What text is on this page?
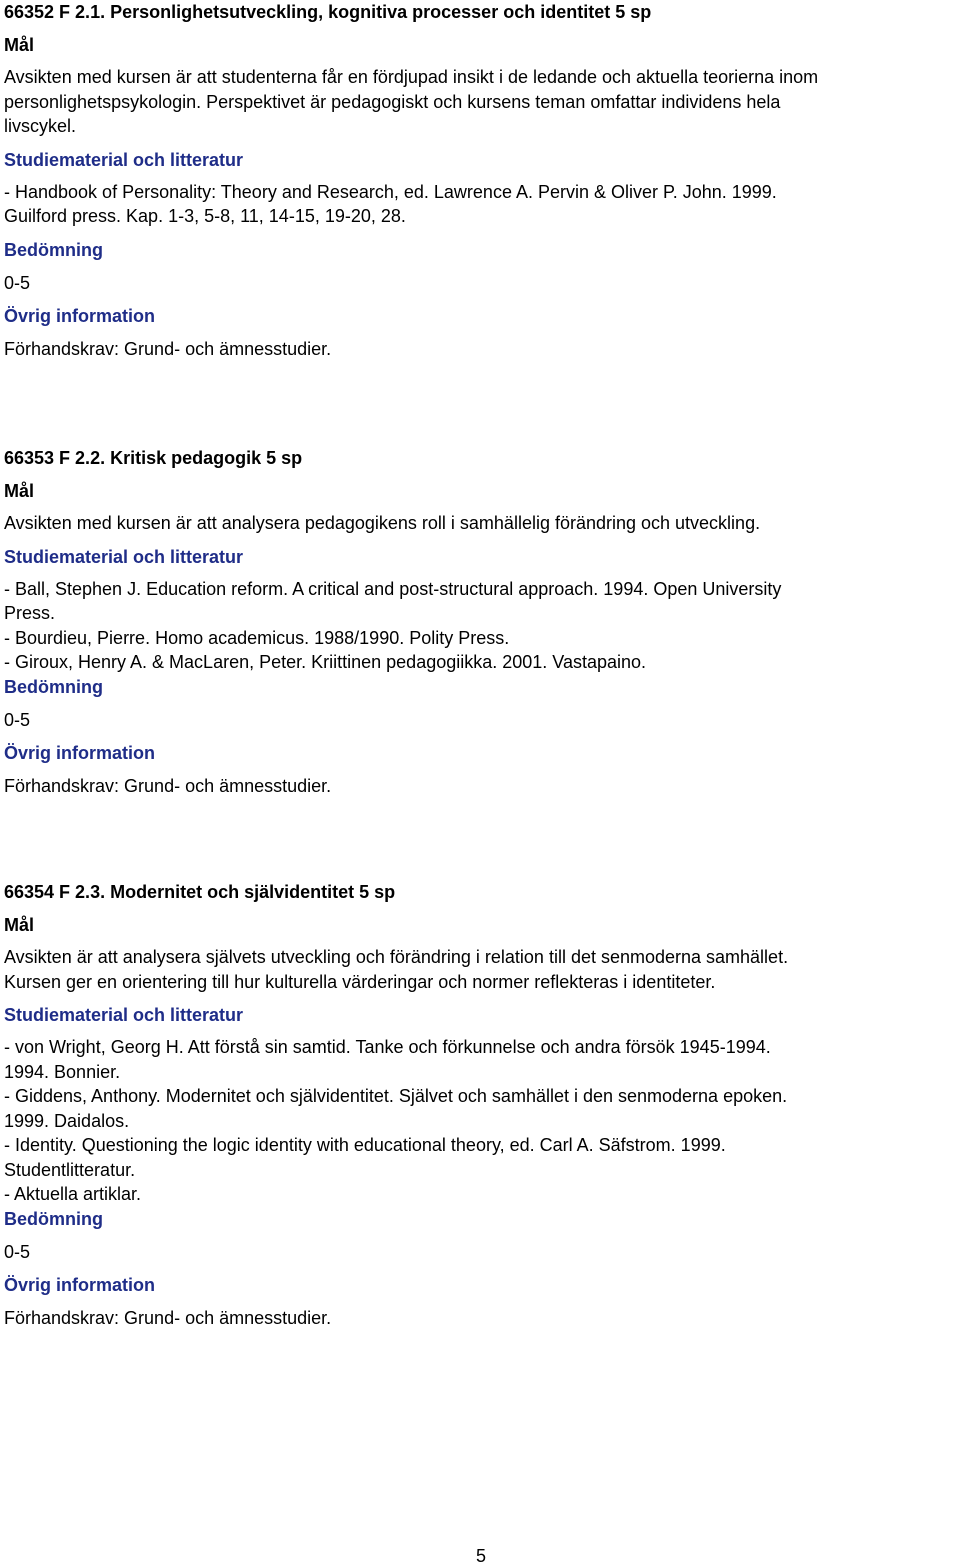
66352 F 2.1. Personlighetsutveckling, kognitiva processer och identitet 5 sp
Mål
Avsikten med kursen är att studenterna får en fördjupad insikt i de ledande och aktuella teorierna inom
personlighetspsykologin. Perspektivet är pedagogiskt och kursens teman omfattar individens hela
livscykel.
Studiematerial och litteratur
- Handbook of Personality: Theory and Research, ed. Lawrence A. Pervin & Oliver P. John. 1999.
Guilford press. Kap. 1-3, 5-8, 11, 14-15, 19-20, 28.
Bedömning
0-5
Övrig information
Förhandskrav: Grund- och ämnesstudier.
66353 F 2.2. Kritisk pedagogik 5 sp
Mål
Avsikten med kursen är att analysera pedagogikens roll i samhällelig förändring och utveckling.
Studiematerial och litteratur
- Ball, Stephen J. Education reform. A critical and post-structural approach. 1994. Open University
Press.
- Bourdieu, Pierre. Homo academicus. 1988/1990. Polity Press.
- Giroux, Henry A. & MacLaren, Peter. Kriittinen pedagogiikka. 2001. Vastapaino.
Bedömning
0-5
Övrig information
Förhandskrav: Grund- och ämnesstudier.
66354 F 2.3. Modernitet och självidentitet 5 sp
Mål
Avsikten är att analysera självets utveckling och förändring i relation till det senmoderna samhället.
Kursen ger en orientering till hur kulturella värderingar och normer reflekteras i identiteter.
Studiematerial och litteratur
- von Wright, Georg H. Att förstå sin samtid. Tanke och förkunnelse och andra försök 1945-1994.
1994. Bonnier.
- Giddens, Anthony. Modernitet och självidentitet. Självet och samhället i den senmoderna epoken.
1999. Daidalos.
- Identity. Questioning the logic identity with educational theory, ed. Carl A. Säfstrom. 1999.
Studentlitteratur.
- Aktuella artiklar.
Bedömning
0-5
Övrig information
Förhandskrav: Grund- och ämnesstudier.
5
